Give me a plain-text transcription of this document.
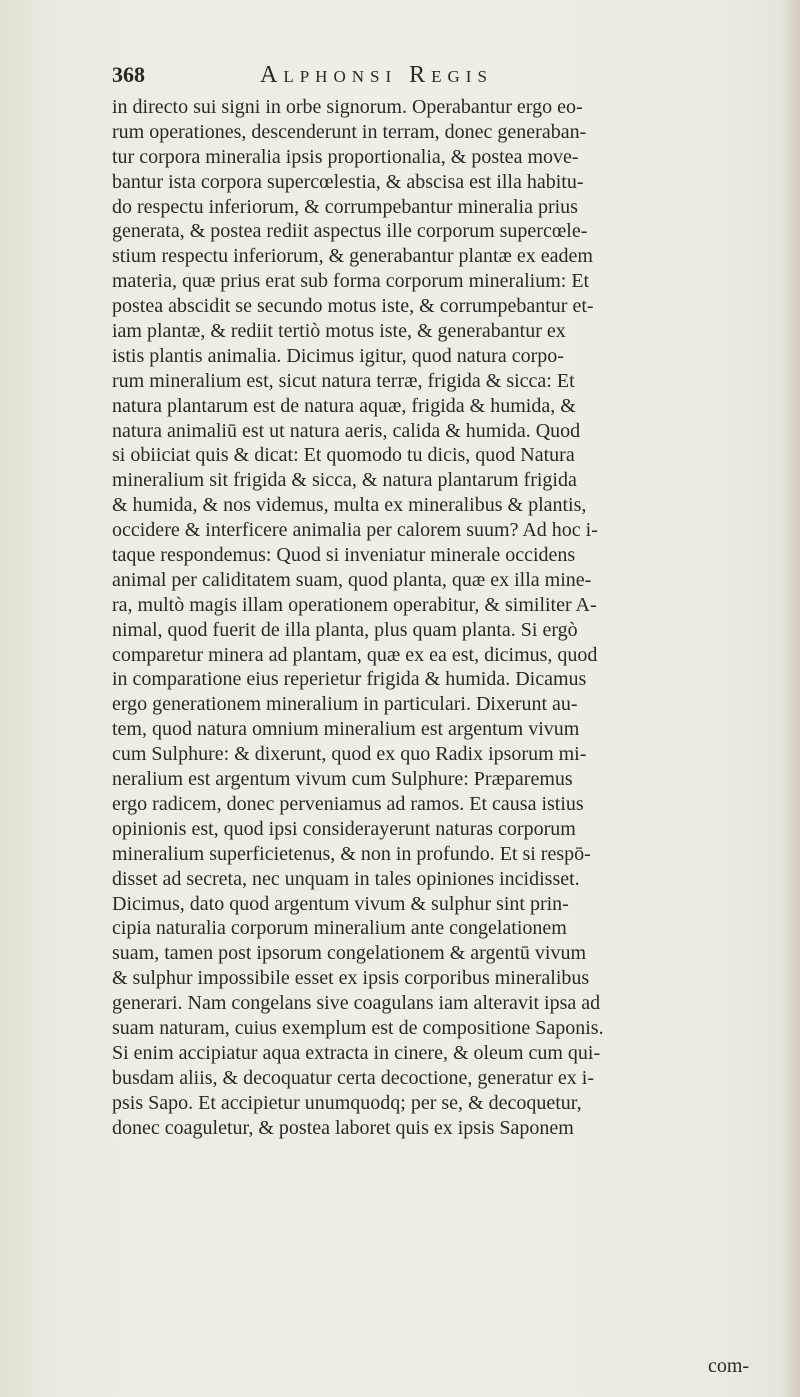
368	Alphonsi Regis
in directo sui signi in orbe signorum. Operabantur ergo eo-
rum operationes, descenderunt in terram, donec generaban-
tur corpora mineralia ipsis proportionalia, & postea move-
bantur ista corpora supercœlestia, & abscisa est illa habitu-
do respectu inferiorum, & corrumpebantur mineralia prius
generata, & postea rediit aspectus ille corporum supercœle-
stium respectu inferiorum, & generabantur plantæ ex eadem
materia, quæ prius erat sub forma corporum mineralium: Et
postea abscidit se secundo motus iste, & corrumpebantur et-
iam plantæ, & rediit tertiò motus iste, & generabantur ex
istis plantis animalia. Dicimus igitur, quod natura corpo-
rum mineralium est, sicut natura terræ, frigida & sicca: Et
natura plantarum est de natura aquæ, frigida & humida, &
natura animaliū est ut natura aeris, calida & humida. Quod
si obiiciat quis & dicat: Et quomodo tu dicis, quod Natura
mineralium sit frigida & sicca, & natura plantarum frigida
& humida, & nos videmus, multa ex mineralibus & plantis,
occidere & interficere animalia per calorem suum? Ad hoc i-
taque respondemus: Quod si inveniatur minerale occidens
animal per caliditatem suam, quod planta, quæ ex illa mine-
ra, multò magis illam operationem operabitur, & similiter A-
nimal, quod fuerit de illa planta, plus quam planta. Si ergò
comparetur minera ad plantam, quæ ex ea est, dicimus, quod
in comparatione eius reperietur frigida & humida. Dicamus
ergo generationem mineralium in particulari. Dixerunt au-
tem, quod natura omnium mineralium est argentum vivum
cum Sulphure: & dixerunt, quod ex quo Radix ipsorum mi-
neralium est argentum vivum cum Sulphure: Præparemus
ergo radicem, donec perveniamus ad ramos. Et causa istius
opinionis est, quod ipsi considerayerunt naturas corporum
mineralium superficietenus, & non in profundo. Et si respō-
disset ad secreta, nec unquam in tales opiniones incidisset.
Dicimus, dato quod argentum vivum & sulphur sint prin-
cipia naturalia corporum mineralium ante congelationem
suam, tamen post ipsorum congelationem & argentū vivum
& sulphur impossibile esset ex ipsis corporibus mineralibus
generari. Nam congelans sive coagulans iam alteravit ipsa ad
suam naturam, cuius exemplum est de compositione Saponis.
Si enim accipiatur aqua extracta in cinere, & oleum cum qui-
busdam aliis, & decoquatur certa decoctione, generatur ex i-
psis Sapo. Et accipietur unumquodq; per se, & decoquetur,
donec coaguletur, & postea laboret quis ex ipsis Saponem
com-
